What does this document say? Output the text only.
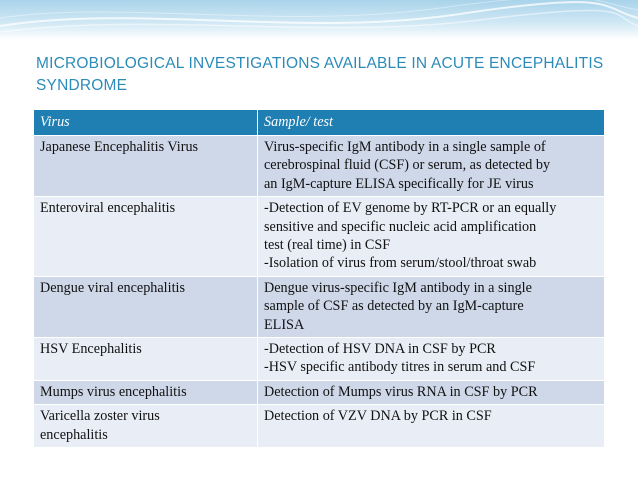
MICROBIOLOGICAL INVESTIGATIONS AVAILABLE IN ACUTE ENCEPHALITIS SYNDROME
Virus	Sample/ test

Japanese Encephalitis Virus	Virus-specific IgM antibody in a single sample of
cerebrospinal fluid (CSF) or serum, as detected by
an IgM-capture ELISA specifically for JE virus

Enteroviral encephalitis	-Detection of EV genome by RT-PCR or an equally
sensitive and specific nucleic acid amplification
test (real time) in CSF
-Isolation of virus from serum/stool/throat swab

Dengue viral encephalitis	Dengue virus-specific IgM antibody in a single
sample of CSF as detected by an IgM-capture
ELISA

HSV Encephalitis	-Detection of HSV DNA in CSF by PCR
-HSV specific antibody titres in serum and CSF

Mumps virus encephalitis	Detection of Mumps virus RNA in CSF by PCR

Varicella zoster virus
encephalitis	Detection of VZV DNA by PCR in CSF
